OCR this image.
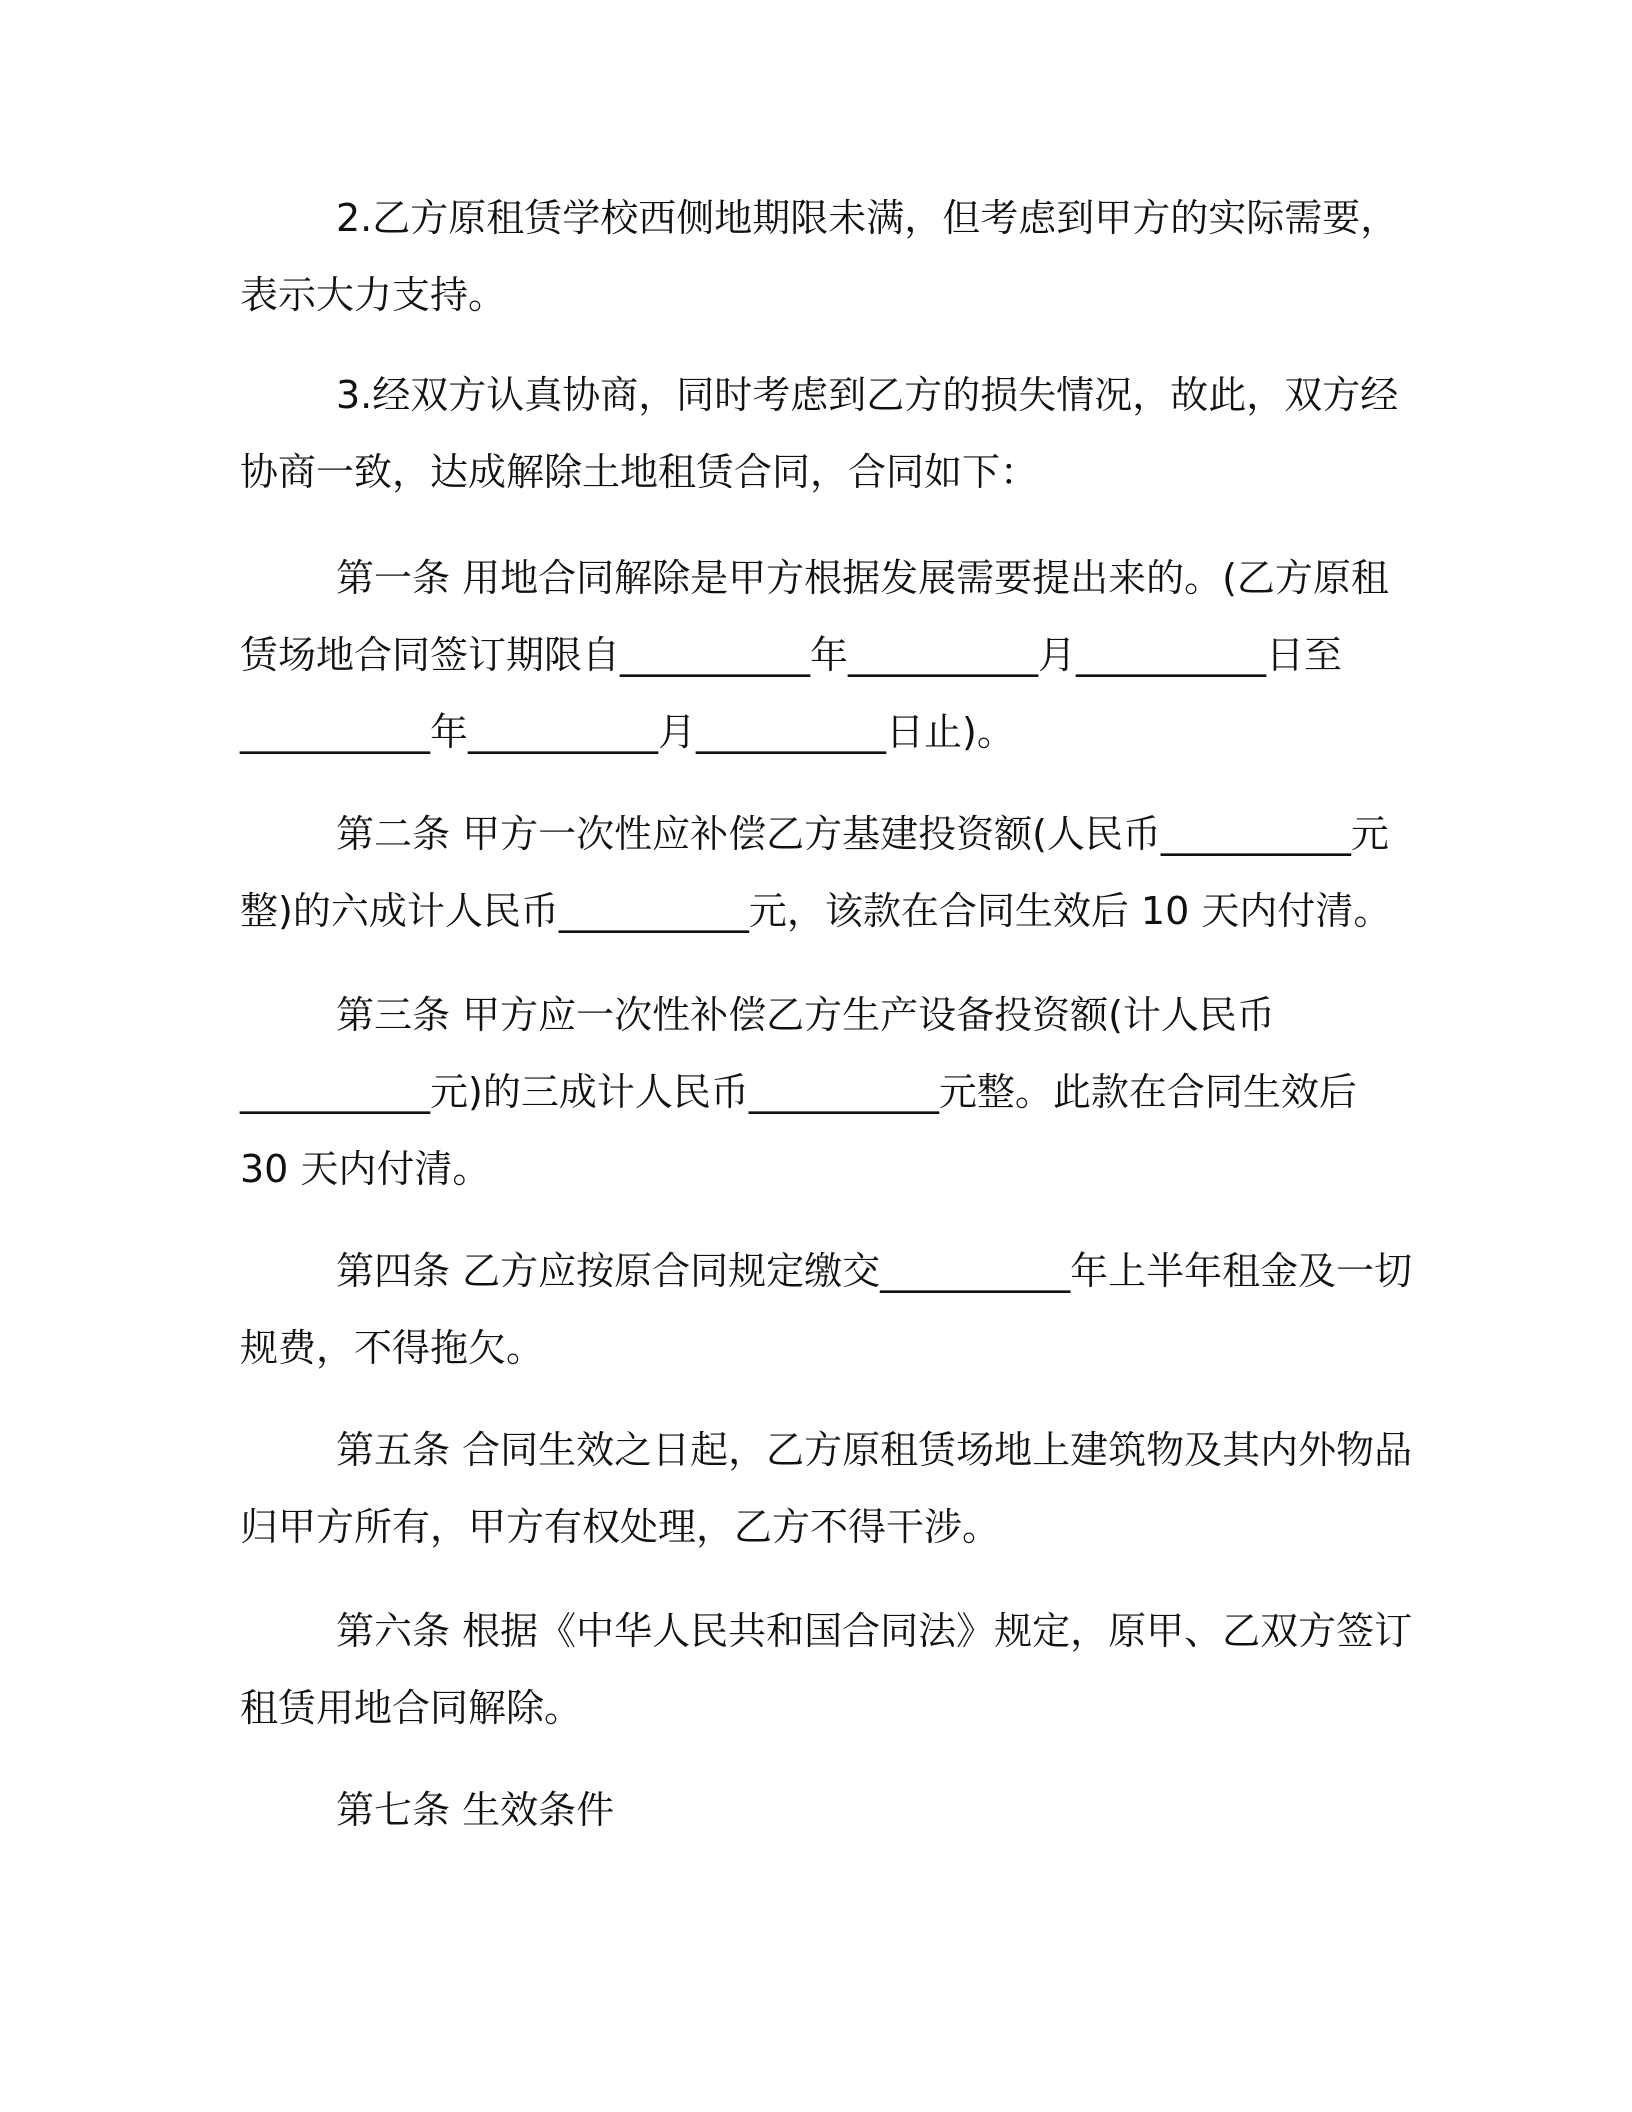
2.乙方原租赁学校西侧地期限未满，但考虑到甲方的实际需要，
表示大力支持。
3.经双方认真协商，同时考虑到乙方的损失情况，故此，双方经
协商一致，达成解除土地租赁合同，合同如下：
第一条 用地合同解除是甲方根据发展需要提出来的。(乙方原租
赁场地合同签订期限自__________年__________月__________日至
__________年__________月__________日止)。
第二条 甲方一次性应补偿乙方基建投资额(人民币__________元
整)的六成计人民币__________元，该款在合同生效后 10 天内付清。
第三条 甲方应一次性补偿乙方生产设备投资额(计人民币
__________元)的三成计人民币__________元整。此款在合同生效后
30 天内付清。
第四条 乙方应按原合同规定缴交__________年上半年租金及一切
规费，不得拖欠。
第五条 合同生效之日起，乙方原租赁场地上建筑物及其内外物品
归甲方所有，甲方有权处理，乙方不得干涉。
第六条 根据《中华人民共和国合同法》规定，原甲、乙双方签订
租赁用地合同解除。
第七条 生效条件
